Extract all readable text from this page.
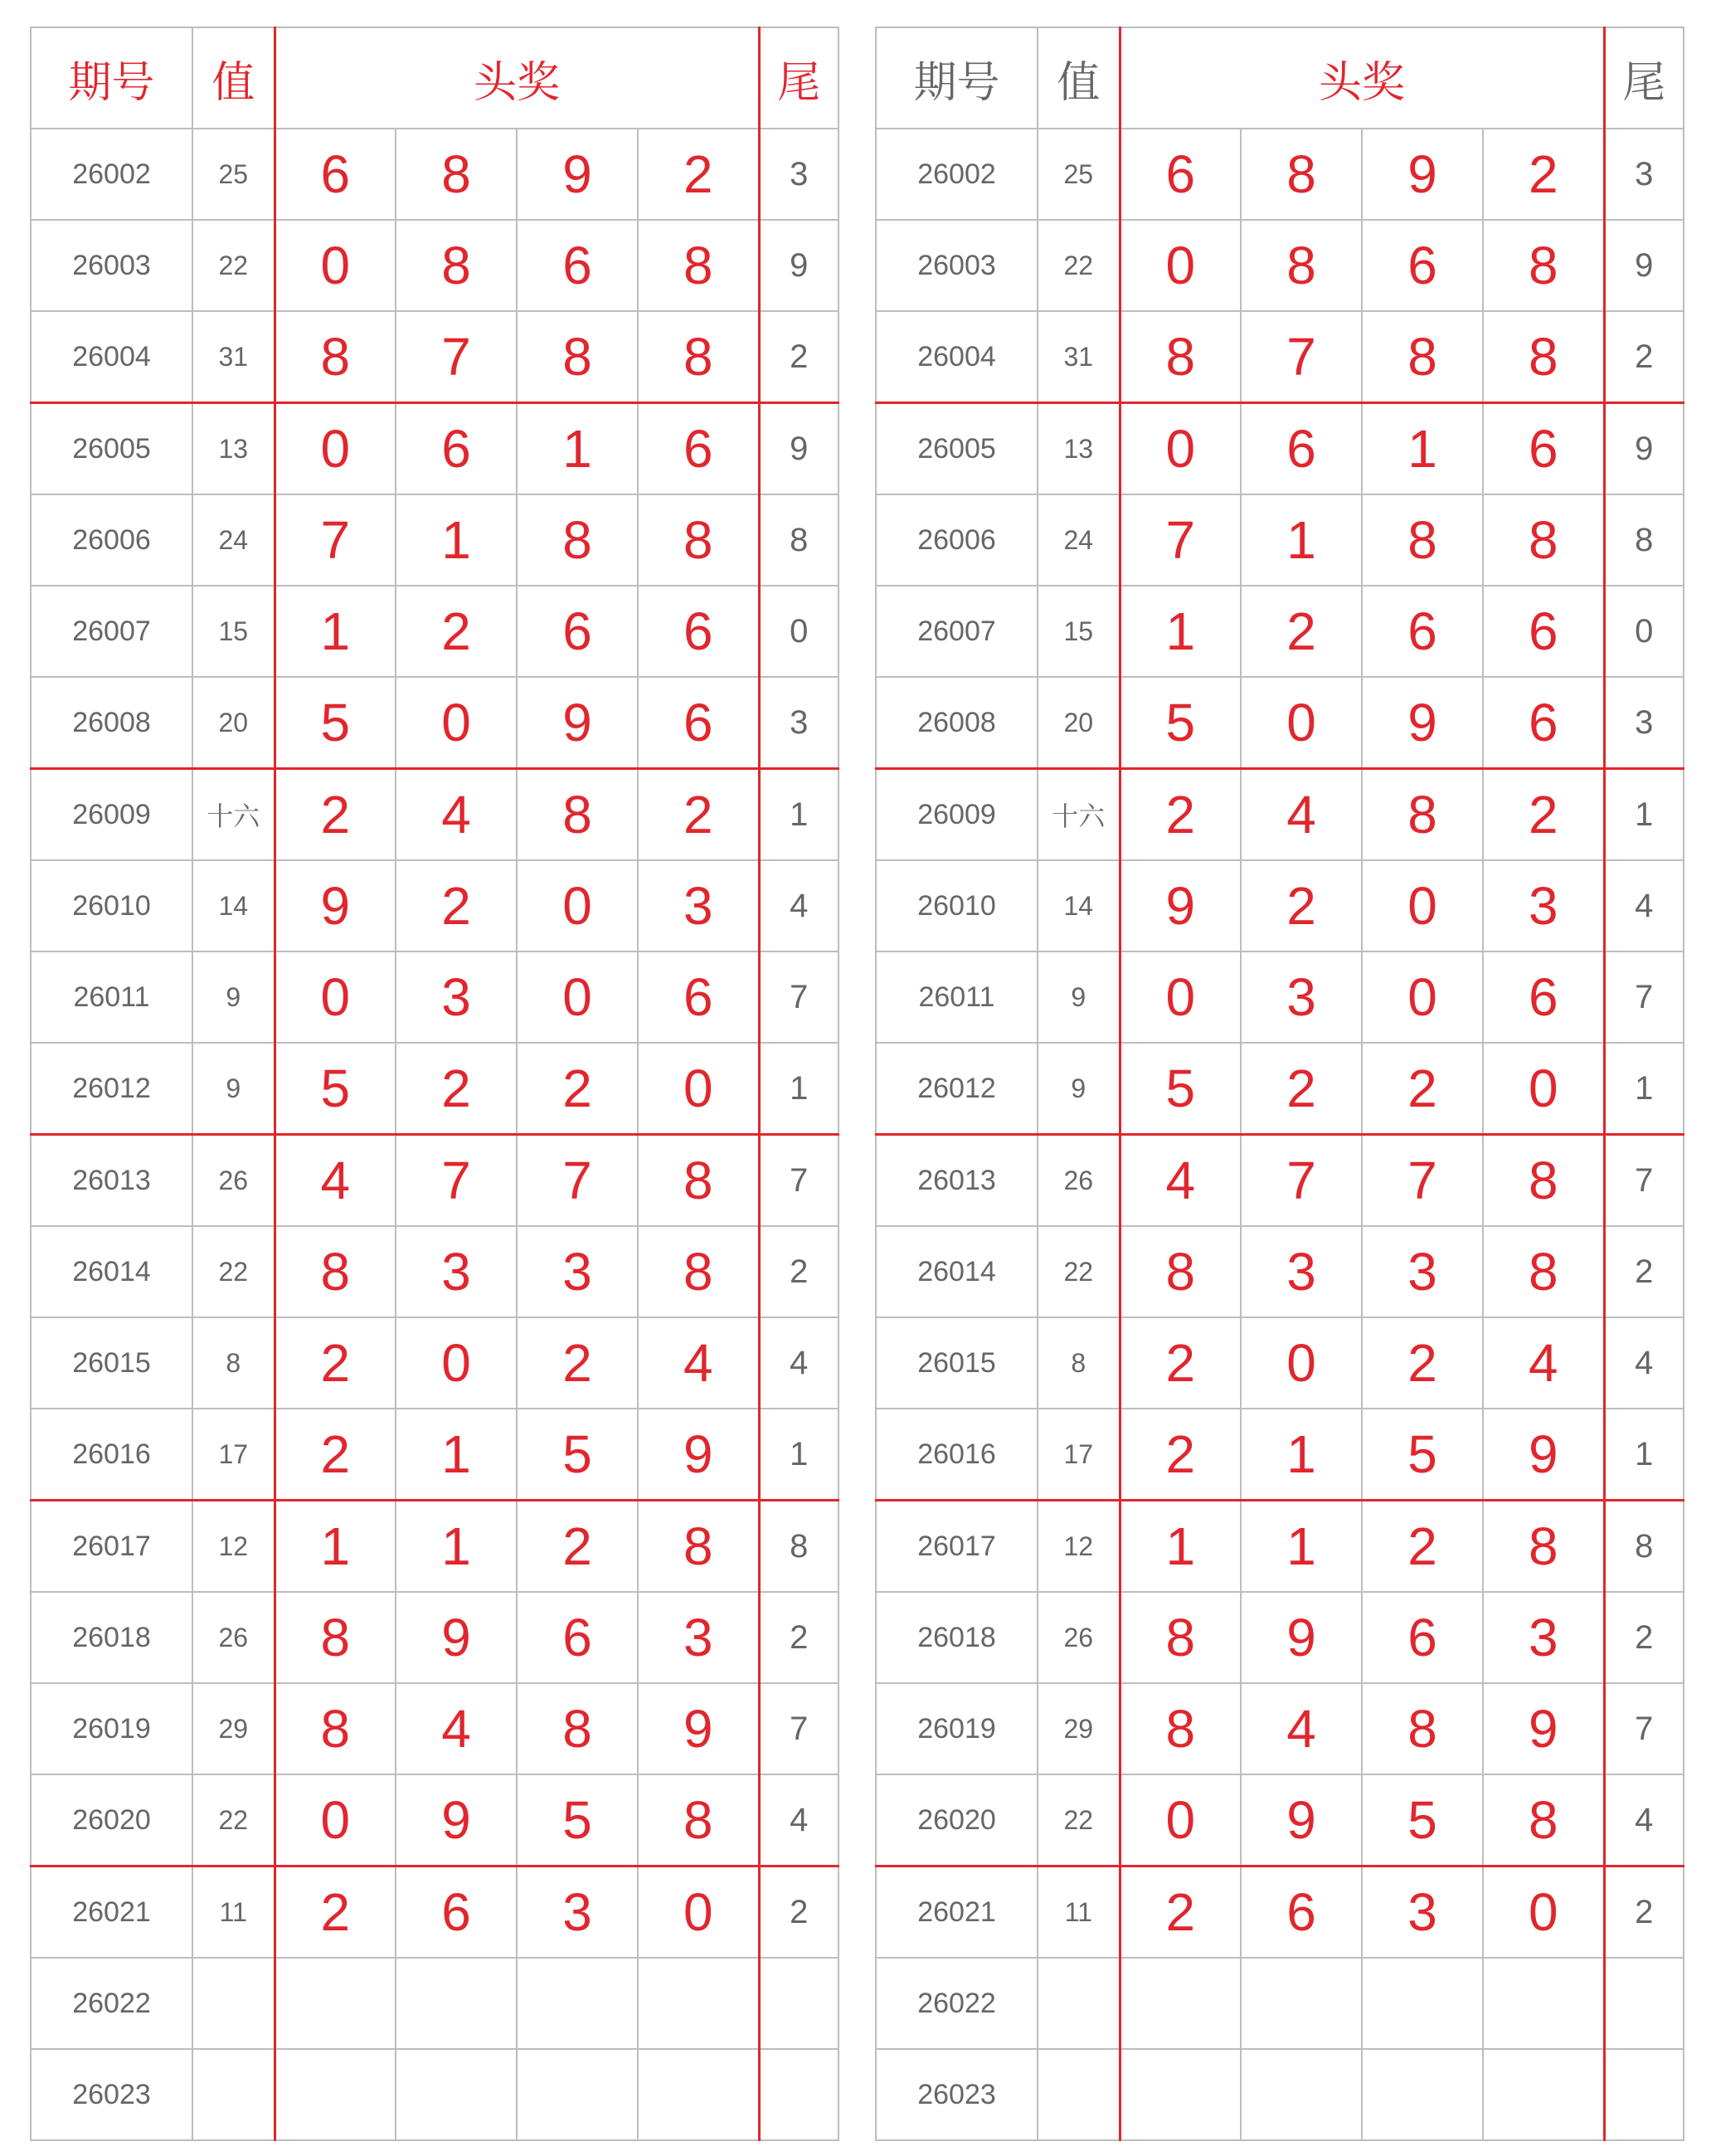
期号	值	头奖				尾
26002	25	6	8	9	2	3
26003	22	0	8	6	8	9
26004	31	8	7	8	8	2
26005	13	0	6	1	6	9
26006	24	7	1	8	8	8
26007	15	1	2	6	6	0
26008	20	5	0	9	6	3
26009	十六	2	4	8	2	1
26010	14	9	2	0	3	4
26011	9	0	3	0	6	7
26012	9	5	2	2	0	1
26013	26	4	7	7	8	7
26014	22	8	3	3	8	2
26015	8	2	0	2	4	4
26016	17	2	1	5	9	1
26017	12	1	1	2	8	8
26018	26	8	9	6	3	2
26019	29	8	4	8	9	7
26020	22	0	9	5	8	4
26021	11	2	6	3	0	2
26022						
26023						
期号	值	头奖				尾
26002	25	6	8	9	2	3
26003	22	0	8	6	8	9
26004	31	8	7	8	8	2
26005	13	0	6	1	6	9
26006	24	7	1	8	8	8
26007	15	1	2	6	6	0
26008	20	5	0	9	6	3
26009	十六	2	4	8	2	1
26010	14	9	2	0	3	4
26011	9	0	3	0	6	7
26012	9	5	2	2	0	1
26013	26	4	7	7	8	7
26014	22	8	3	3	8	2
26015	8	2	0	2	4	4
26016	17	2	1	5	9	1
26017	12	1	1	2	8	8
26018	26	8	9	6	3	2
26019	29	8	4	8	9	7
26020	22	0	9	5	8	4
26021	11	2	6	3	0	2
26022						
26023						
